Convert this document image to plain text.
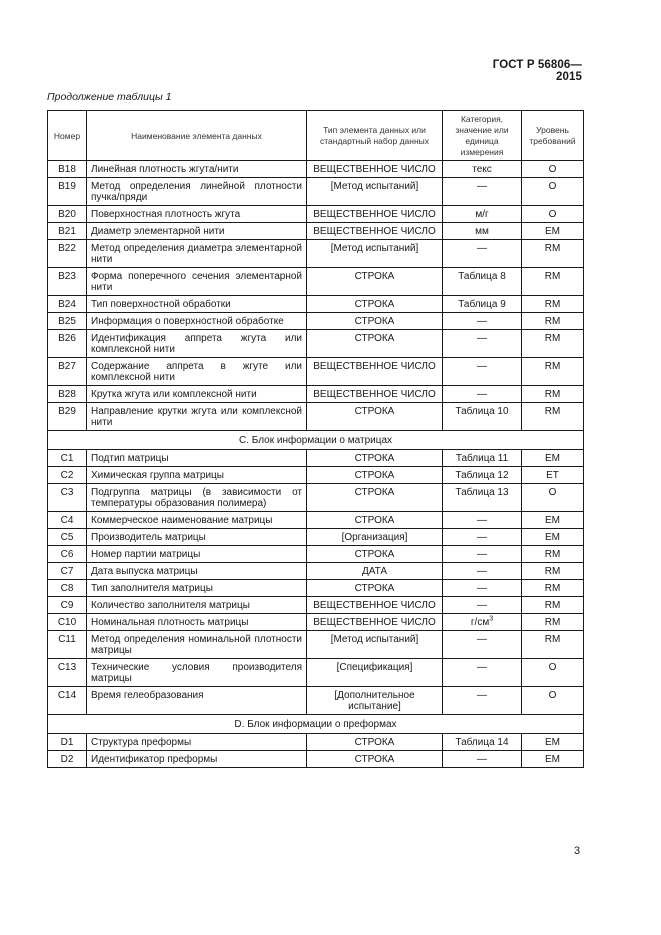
ГОСТ Р 56806—2015
Продолжение таблицы 1
Номер	Наименование элемента данных	Тип элемента данных или стандартный набор данных	Категория, значение или единица измерения	Уровень требований
B18	Линейная плотность жгута/нити	ВЕЩЕСТВЕННОЕ ЧИСЛО	текс	O
B19	Метод определения линейной плотности пучка/пряди	[Метод испытаний]	—	O
B20	Поверхностная плотность жгута	ВЕЩЕСТВЕННОЕ ЧИСЛО	м/г	O
B21	Диаметр элементарной нити	ВЕЩЕСТВЕННОЕ ЧИСЛО	мм	EM
B22	Метод определения диаметра элементарной нити	[Метод испытаний]	—	RM
B23	Форма поперечного сечения элементарной нити	СТРОКА	Таблица 8	RM
B24	Тип поверхностной обработки	СТРОКА	Таблица 9	RM
B25	Информация о поверхностной обработке	СТРОКА	—	RM
B26	Идентификация аппрета жгута или комплексной нити	СТРОКА	—	RM
B27	Содержание аппрета в жгуте или комплексной нити	ВЕЩЕСТВЕННОЕ ЧИСЛО	—	RM
B28	Крутка жгута или комплексной нити	ВЕЩЕСТВЕННОЕ ЧИСЛО	—	RM
B29	Направление крутки жгута или комплексной нити	СТРОКА	Таблица 10	RM
C. Блок информации о матрицах				
C1	Подтип матрицы	СТРОКА	Таблица 11	EM
C2	Химическая группа матрицы	СТРОКА	Таблица 12	ET
C3	Подгруппа матрицы (в зависимости от температуры образования полимера)	СТРОКА	Таблица 13	O
C4	Коммерческое наименование матрицы	СТРОКА	—	EM
C5	Производитель матрицы	[Организация]	—	EM
C6	Номер партии матрицы	СТРОКА	—	RM
C7	Дата выпуска матрицы	ДАТА	—	RM
C8	Тип заполнителя матрицы	СТРОКА	—	RM
C9	Количество заполнителя матрицы	ВЕЩЕСТВЕННОЕ ЧИСЛО	—	RM
C10	Номинальная плотность матрицы	ВЕЩЕСТВЕННОЕ ЧИСЛО	$г/см^3$	RM
C11	Метод определения номинальной плотности матрицы	[Метод испытаний]	—	RM
C13	Технические условия производителя матрицы	[Спецификация]	—	O
C14	Время гелеобразования	[Дополнительное испытание]	—	O
D. Блок информации о преформах				
D1	Структура преформы	СТРОКА	Таблица 14	EM
D2	Идентификатор преформы	СТРОКА	—	EM
3
